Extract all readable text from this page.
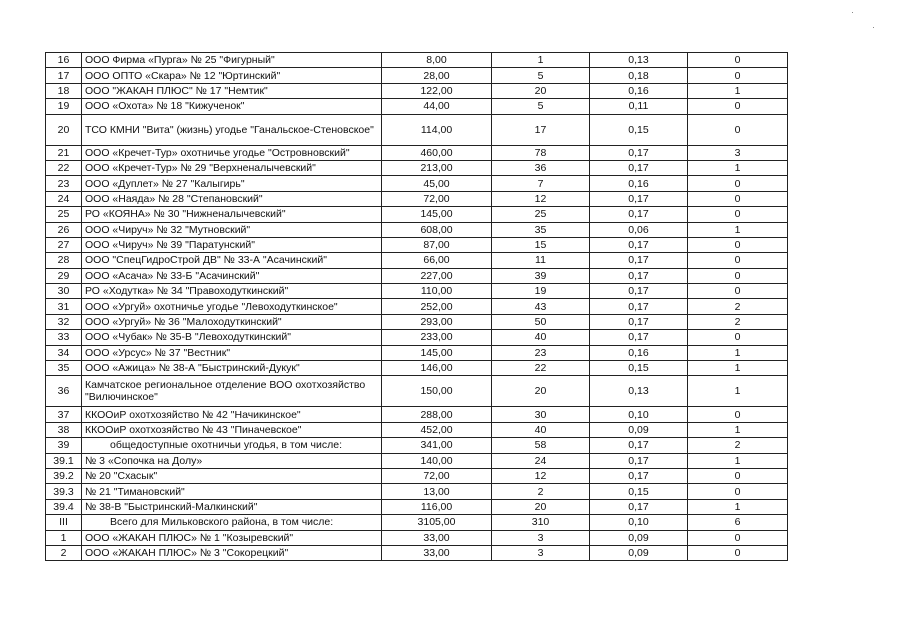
16	ООО Фирма «Пурга» № 25 "Фигурный"	8,00	1	0,13	0
17	ООО ОПТО «Скара» № 12 "Юртинский"	28,00	5	0,18	0
18	ООО "ЖАКАН ПЛЮС" № 17 "Немтик"	122,00	20	0,16	1
19	ООО «Охота» № 18 "Кижученок"	44,00	5	0,11	0
20	ТСО КМНИ "Вита" (жизнь) угодье "Ганальское-Стеновское"	114,00	17	0,15	0
21	ООО «Кречет-Тур» охотничье угодье "Островновский"	460,00	78	0,17	3
22	ООО «Кречет-Тур» № 29 "Верхненалычевский"	213,00	36	0,17	1
23	ООО «Дуплет» № 27 "Калыгирь"	45,00	7	0,16	0
24	ООО «Наяда» № 28 "Степановский"	72,00	12	0,17	0
25	РО «КОЯНА» № 30 "Нижненалычевский"	145,00	25	0,17	0
26	ООО «Чируч» № 32 "Мутновский"	608,00	35	0,06	1
27	ООО «Чируч» № 39 "Паратунский"	87,00	15	0,17	0
28	ООО "СпецГидроСтрой ДВ" № 33-А "Асачинский"	66,00	11	0,17	0
29	ООО «Асача» № 33-Б "Асачинский"	227,00	39	0,17	0
30	РО «Ходутка» № 34 "Правоходуткинский"	110,00	19	0,17	0
31	ООО «Ургуй» охотничье угодье "Левоходуткинское"	252,00	43	0,17	2
32	ООО «Ургуй» № 36 "Малоходуткинский"	293,00	50	0,17	2
33	ООО «Чубак» № 35-В "Левоходуткинский"	233,00	40	0,17	0
34	ООО «Урсус» № 37 "Вестник"	145,00	23	0,16	1
35	ООО «Ажица» № 38-А "Быстринский-Дукук"	146,00	22	0,15	1
36	Камчатское региональное отделение ВОО охотхозяйство "Вилючинское"	150,00	20	0,13	1
37	ККООиР охотхозяйство № 42 "Начикинское"	288,00	30	0,10	0
38	ККООиР охотхозяйство № 43 "Пиначевское"	452,00	40	0,09	1
39	общедоступные охотничьи угодья, в том числе:	341,00	58	0,17	2
39.1	№ 3 «Сопочка на Долу»	140,00	24	0,17	1
39.2	№ 20 "Схасык"	72,00	12	0,17	0
39.3	№ 21 "Тимановский"	13,00	2	0,15	0
39.4	№ 38-В "Быстринский-Малкинский"	116,00	20	0,17	1
III	Всего для Мильковского района, в том числе:	3105,00	310	0,10	6
1	ООО «ЖАКАН ПЛЮС» № 1 "Козыревский"	33,00	3	0,09	0
2	ООО «ЖАКАН ПЛЮС» № 3 "Сокорецкий"	33,00	3	0,09	0
